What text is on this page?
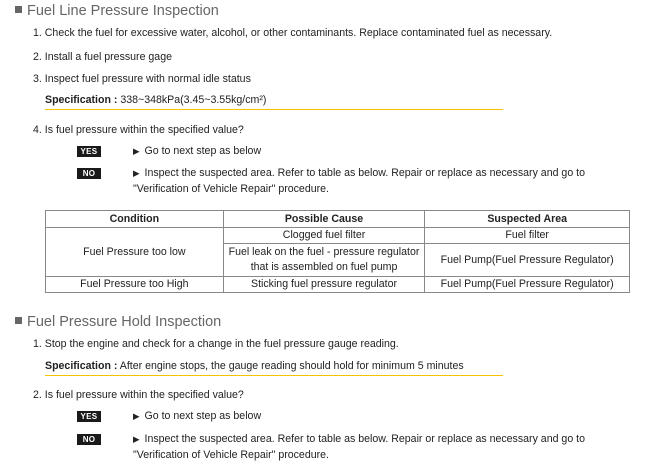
Fuel Line Pressure Inspection
1. Check the fuel for excessive water, alcohol, or other contaminants. Replace contaminated fuel as necessary.
2. Install a fuel pressure gage
3. Inspect fuel pressure with normal idle status
Specification : 338~348kPa(3.45~3.55kg/cm²)
4. Is fuel pressure within the specified value?
YES	▶ Go to next step as below
NO	▶ Inspect the suspected area. Refer to table as below. Repair or replace as necessary and go to
"Verification of Vehicle Repair" procedure.
Condition	Possible Cause	Suspected Area
Fuel Pressure too low	Clogged fuel filter	Fuel filter
	Fuel leak on the fuel - pressure regulator
that is assembled on fuel pump	Fuel Pump(Fuel Pressure Regulator)
Fuel Pressure too High	Sticking fuel pressure regulator	Fuel Pump(Fuel Pressure Regulator)
Fuel Pressure Hold Inspection
1. Stop the engine and check for a change in the fuel pressure gauge reading.
Specification : After engine stops, the gauge reading should hold for minimum 5 minutes
2. Is fuel pressure within the specified value?
YES	▶ Go to next step as below
NO	▶ Inspect the suspected area. Refer to table as below. Repair or replace as necessary and go to
"Verification of Vehicle Repair" procedure.
